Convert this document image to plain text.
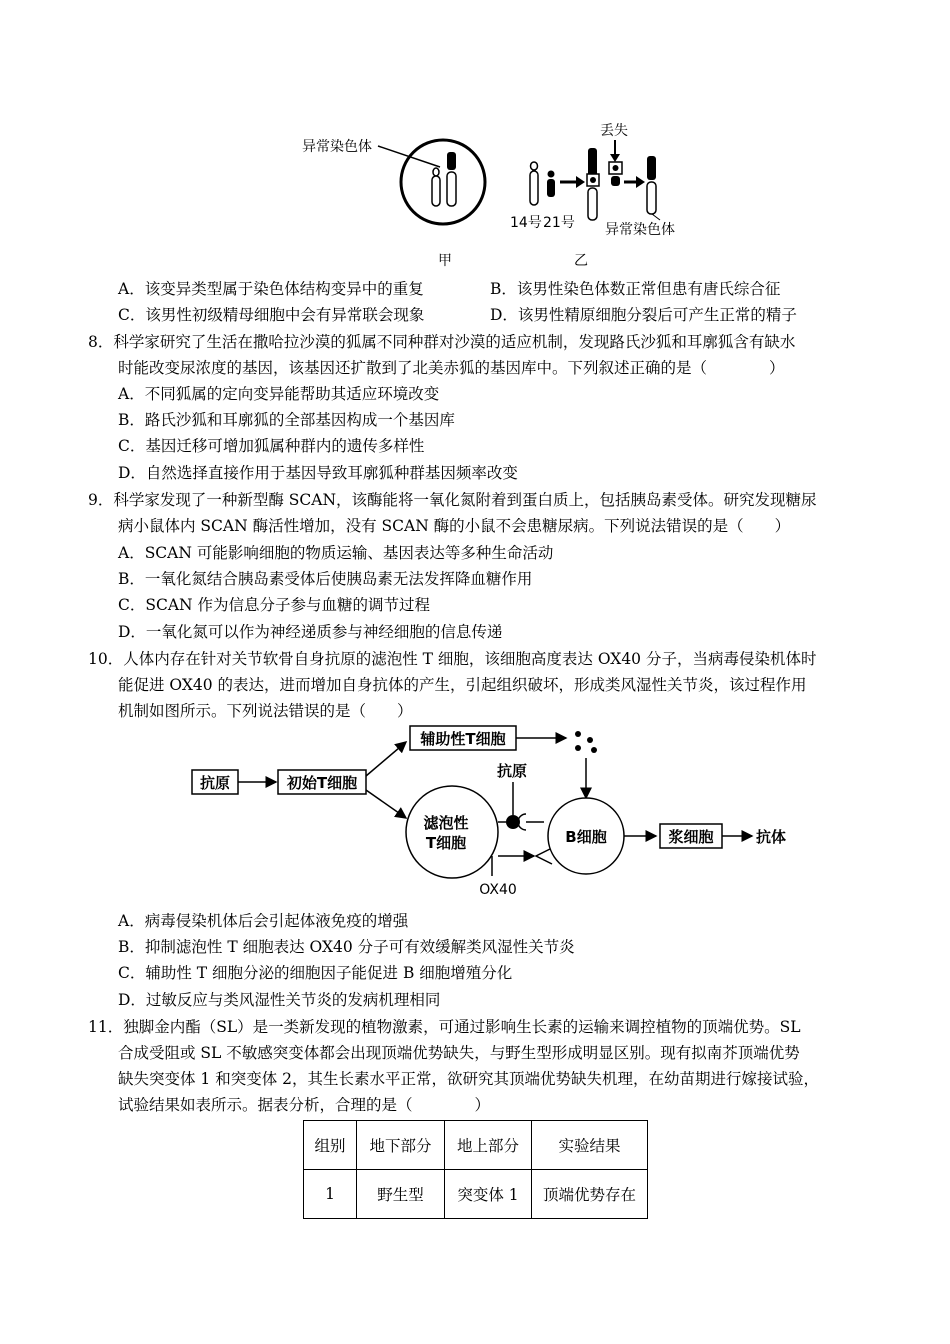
异常染色体
丢失
14号 21号 异常染色体
甲	乙
A．该变异类型属于染色体结构变异中的重复	B．该男性染色体数正常但患有唐氏综合征
C．该男性初级精母细胞中会有异常联会现象	D．该男性精原细胞分裂后可产生正常的精子
8．科学家研究了生活在撒哈拉沙漠的狐属不同种群对沙漠的适应机制，发现路氏沙狐和耳廓狐含有缺水
时能改变尿浓度的基因，该基因还扩散到了北美赤狐的基因库中。下列叙述正确的是（　　　　）
A．不同狐属的定向变异能帮助其适应环境改变
B．路氏沙狐和耳廓狐的全部基因构成一个基因库
C．基因迁移可增加狐属种群内的遗传多样性
D．自然选择直接作用于基因导致耳廓狐种群基因频率改变
9．科学家发现了一种新型酶 SCAN，该酶能将一氧化氮附着到蛋白质上，包括胰岛素受体。研究发现糖尿
病小鼠体内 SCAN 酶活性增加，没有 SCAN 酶的小鼠不会患糖尿病。下列说法错误的是（　　）
A．SCAN 可能影响细胞的物质运输、基因表达等多种生命活动
B．一氧化氮结合胰岛素受体后使胰岛素无法发挥降血糖作用
C．SCAN 作为信息分子参与血糖的调节过程
D．一氧化氮可以作为神经递质参与神经细胞的信息传递
10．人体内存在针对关节软骨自身抗原的滤泡性 T 细胞，该细胞高度表达 OX40 分子，当病毒侵染机体时
能促进 OX40 的表达，进而增加自身抗体的产生，引起组织破坏，形成类风湿性关节炎，该过程作用
机制如图所示。下列说法错误的是（　　）
抗原	初始T细胞
辅助性T细胞
滤泡性
T细胞	B细胞	浆细胞	抗体
抗原
OX40
A．病毒侵染机体后会引起体液免疫的增强
B．抑制滤泡性 T 细胞表达 OX40 分子可有效缓解类风湿性关节炎
C．辅助性 T 细胞分泌的细胞因子能促进 B 细胞增殖分化
D．过敏反应与类风湿性关节炎的发病机理相同
11．独脚金内酯（SL）是一类新发现的植物激素，可通过影响生长素的运输来调控植物的顶端优势。SL
合成受阻或 SL 不敏感突变体都会出现顶端优势缺失，与野生型形成明显区别。现有拟南芥顶端优势
缺失突变体 1 和突变体 2，其生长素水平正常，欲研究其顶端优势缺失机理，在幼苗期进行嫁接试验，
试验结果如表所示。据表分析，合理的是（　　　　）
组别	地下部分	地上部分	实验结果
1	野生型	突变体 1	顶端优势存在
